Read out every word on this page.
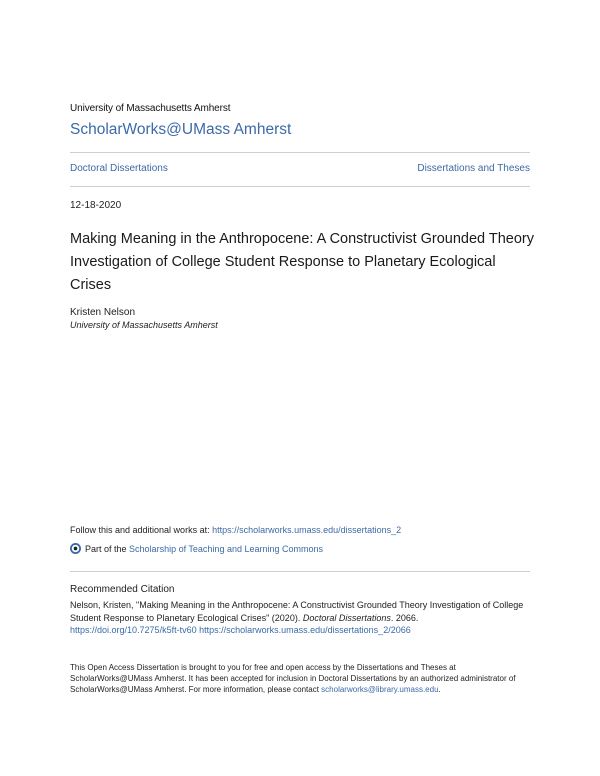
University of Massachusetts Amherst
ScholarWorks@UMass Amherst
Doctoral Dissertations	Dissertations and Theses
12-18-2020
Making Meaning in the Anthropocene: A Constructivist Grounded Theory Investigation of College Student Response to Planetary Ecological Crises
Kristen Nelson
University of Massachusetts Amherst
Follow this and additional works at: https://scholarworks.umass.edu/dissertations_2
Part of the
Scholarship of Teaching and Learning Commons
Recommended Citation
Nelson, Kristen, "Making Meaning in the Anthropocene: A Constructivist Grounded Theory Investigation of College Student Response to Planetary Ecological Crises" (2020). Doctoral Dissertations. 2066.
https://doi.org/10.7275/k5ft-tv60 https://scholarworks.umass.edu/dissertations_2/2066
This Open Access Dissertation is brought to you for free and open access by the Dissertations and Theses at ScholarWorks@UMass Amherst. It has been accepted for inclusion in Doctoral Dissertations by an authorized administrator of ScholarWorks@UMass Amherst. For more information, please contact scholarworks@library.umass.edu.
